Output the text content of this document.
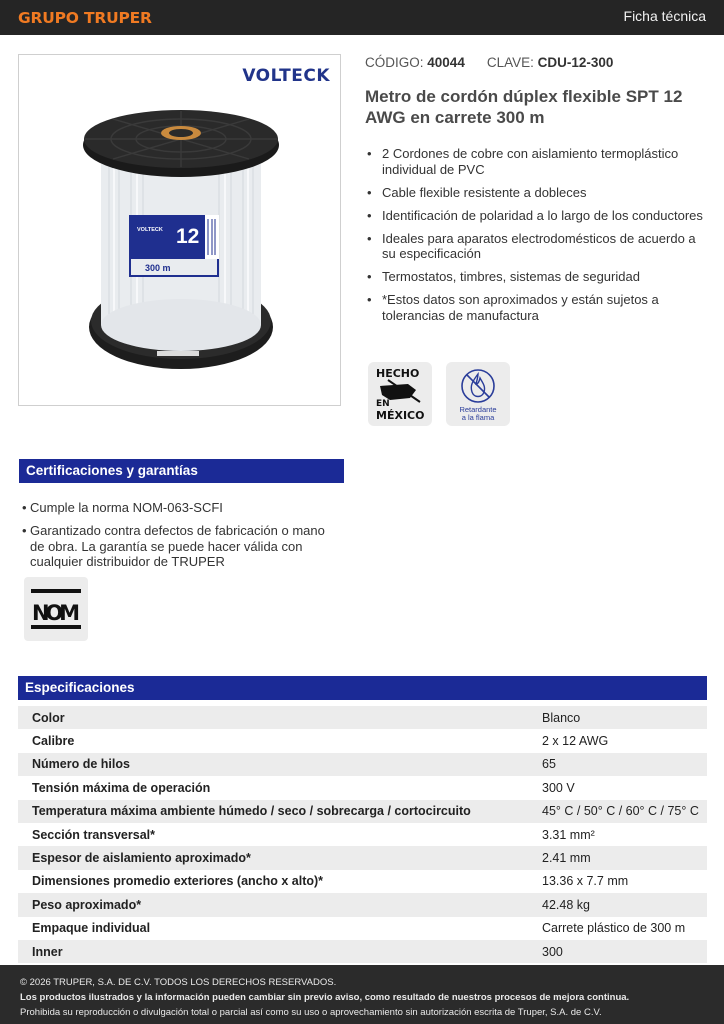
GRUPO TRUPER	Ficha técnica
VOLTECK
12
VOLTECK
300 m
CÓDIGO: 40044 CLAVE: CDU-12-300
Metro de cordón dúplex flexible SPT 12 AWG en carrete 300 m
• 2 Cordones de cobre con aislamiento termoplástico individual de PVC
• Cable flexible resistente a dobleces
• Identificación de polaridad a lo largo de los conductores
• Ideales para aparatos electrodomésticos de acuerdo a su especificación
• Termostatos, timbres, sistemas de seguridad
• *Estos datos son aproximados y están sujetos a tolerancias de manufactura
HECHO
EN
MÉXICO	Retardante
a la flama
Certificaciones y garantías
• Cumple la norma NOM-063-SCFI
• Garantizado contra defectos de fabricación o mano de obra. La garantía se puede hacer válida con cualquier distribuidor de TRUPER
NOM
Especificaciones
Color	Blanco
Calibre	2 x 12 AWG
Número de hilos	65
Tensión máxima de operación	300 V
Temperatura máxima ambiente húmedo / seco / sobrecarga / cortocircuito	45° C / 50° C / 60° C / 75° C
Sección transversal*	3.31 mm²
Espesor de aislamiento aproximado*	2.41 mm
Dimensiones promedio exteriores (ancho x alto)*	13.36 x 7.7 mm
Peso aproximado*	42.48 kg
Empaque individual	Carrete plástico de 300 m
Inner	300

© 2026 TRUPER, S.A. DE C.V. TODOS LOS DERECHOS RESERVADOS.

Los productos ilustrados y la información pueden cambiar sin previo aviso, como resultado de nuestros procesos de mejora continua.

Prohibida su reproducción o divulgación total o parcial así como su uso o aprovechamiento sin autorización escrita de Truper, S.A. de C.V.
